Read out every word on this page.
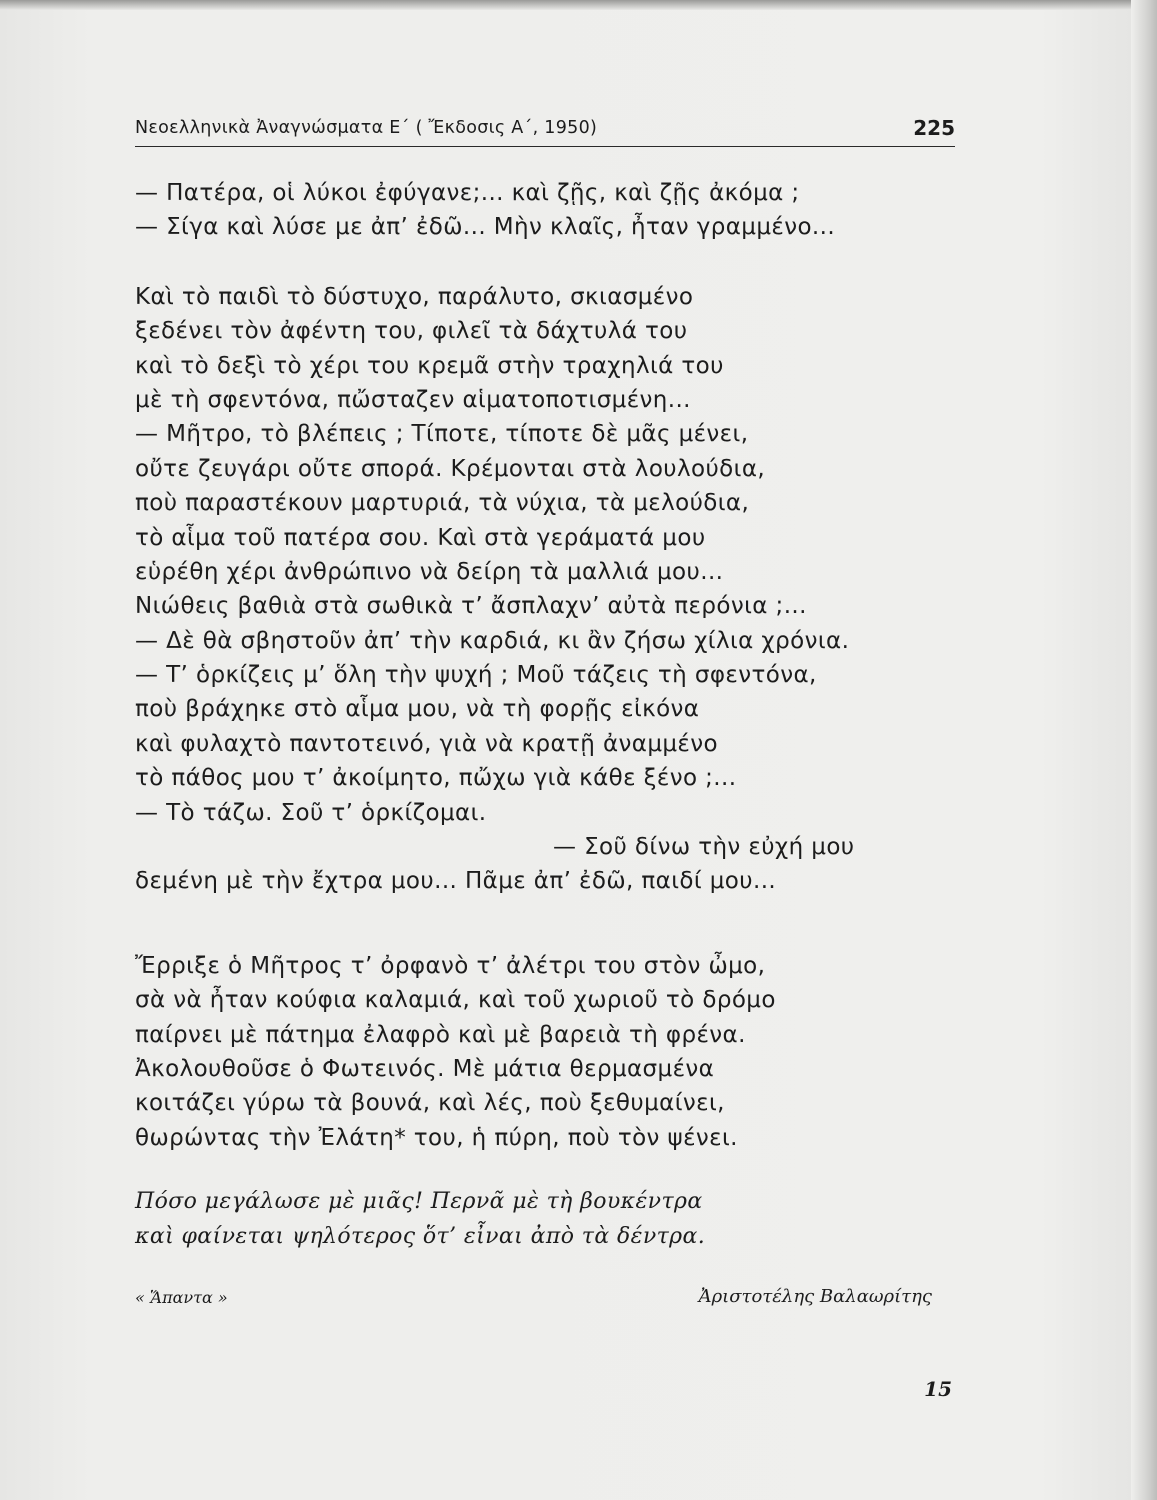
Νεοελληνικὰ Ἀναγνώσματα Ε΄ ( Ἔκδοσις Α΄, 1950)	225
— Πατέρα, οἱ λύκοι ἐφύγανε;... καὶ ζῇς, καὶ ζῇς ἀκόμα ;
— Σίγα καὶ λύσε με ἀπ’ ἐδῶ... Μὴν κλαῖς, ἦταν γραμμένο...
Καὶ τὸ παιδὶ τὸ δύστυχο, παράλυτο, σκιασμένο
ξεδένει τὸν ἀφέντη του, φιλεῖ τὰ δάχτυλά του
καὶ τὸ δεξὶ τὸ χέρι του κρεμᾶ στὴν τραχηλιά του
μὲ τὴ σφεντόνα, πὤσταζεν αἱματοποτισμένη...
— Μῆτρο, τὸ βλέπεις ; Τίποτε, τίποτε δὲ μᾶς μένει,
οὔτε ζευγάρι οὔτε σπορά. Κρέμονται στὰ λουλούδια,
ποὺ παραστέκουν μαρτυριά, τὰ νύχια, τὰ μελούδια,
τὸ αἷμα τοῦ πατέρα σου. Καὶ στὰ γεράματά μου
εὑρέθη χέρι ἀνθρώπινο νὰ δείρη τὰ μαλλιά μου...
Νιώθεις βαθιὰ στὰ σωθικὰ τ’ ἄσπλαχν’ αὐτὰ περόνια ;...
— Δὲ θὰ σβηστοῦν ἀπ’ τὴν καρδιά, κι ἂν ζήσω χίλια χρόνια.
— Τ’ ὁρκίζεις μ’ ὅλη τὴν ψυχή ; Μοῦ τάζεις τὴ σφεντόνα,
ποὺ βράχηκε στὸ αἷμα μου, νὰ τὴ φορῇς εἰκόνα
καὶ φυλαχτὸ παντοτεινό, γιὰ νὰ κρατῇ ἀναμμένο
τὸ πάθος μου τ’ ἀκοίμητο, πὤχω γιὰ κάθε ξένο ;...
— Τὸ τάζω. Σοῦ τ’ ὁρκίζομαι.
— Σοῦ δίνω τὴν εὐχή μου
δεμένη μὲ τὴν ἔχτρα μου... Πᾶμε ἀπ’ ἐδῶ, παιδί μου...
Ἔρριξε ὁ Μῆτρος τ’ ὀρφανὸ τ’ ἀλέτρι του στὸν ὦμο,
σὰ νὰ ἦταν κούφια καλαμιά, καὶ τοῦ χωριοῦ τὸ δρόμο
παίρνει μὲ πάτημα ἐλαφρὸ καὶ μὲ βαρειὰ τὴ φρένα.
Ἀκολουθοῦσε ὁ Φωτεινός. Μὲ μάτια θερμασμένα
κοιτάζει γύρω τὰ βουνά, καὶ λές, ποὺ ξεθυμαίνει,
θωρώντας τὴν Ἐλάτη* του, ἡ πύρη, ποὺ τὸν ψένει.
Πόσο μεγάλωσε μὲ μιᾶς! Περνᾶ μὲ τὴ βουκέντρα
καὶ φαίνεται ψηλότερος ὅτ’ εἶναι ἀπὸ τὰ δέντρα.
« Ἅπαντα »	Ἀριστοτέλης Βαλαωρίτης
15
